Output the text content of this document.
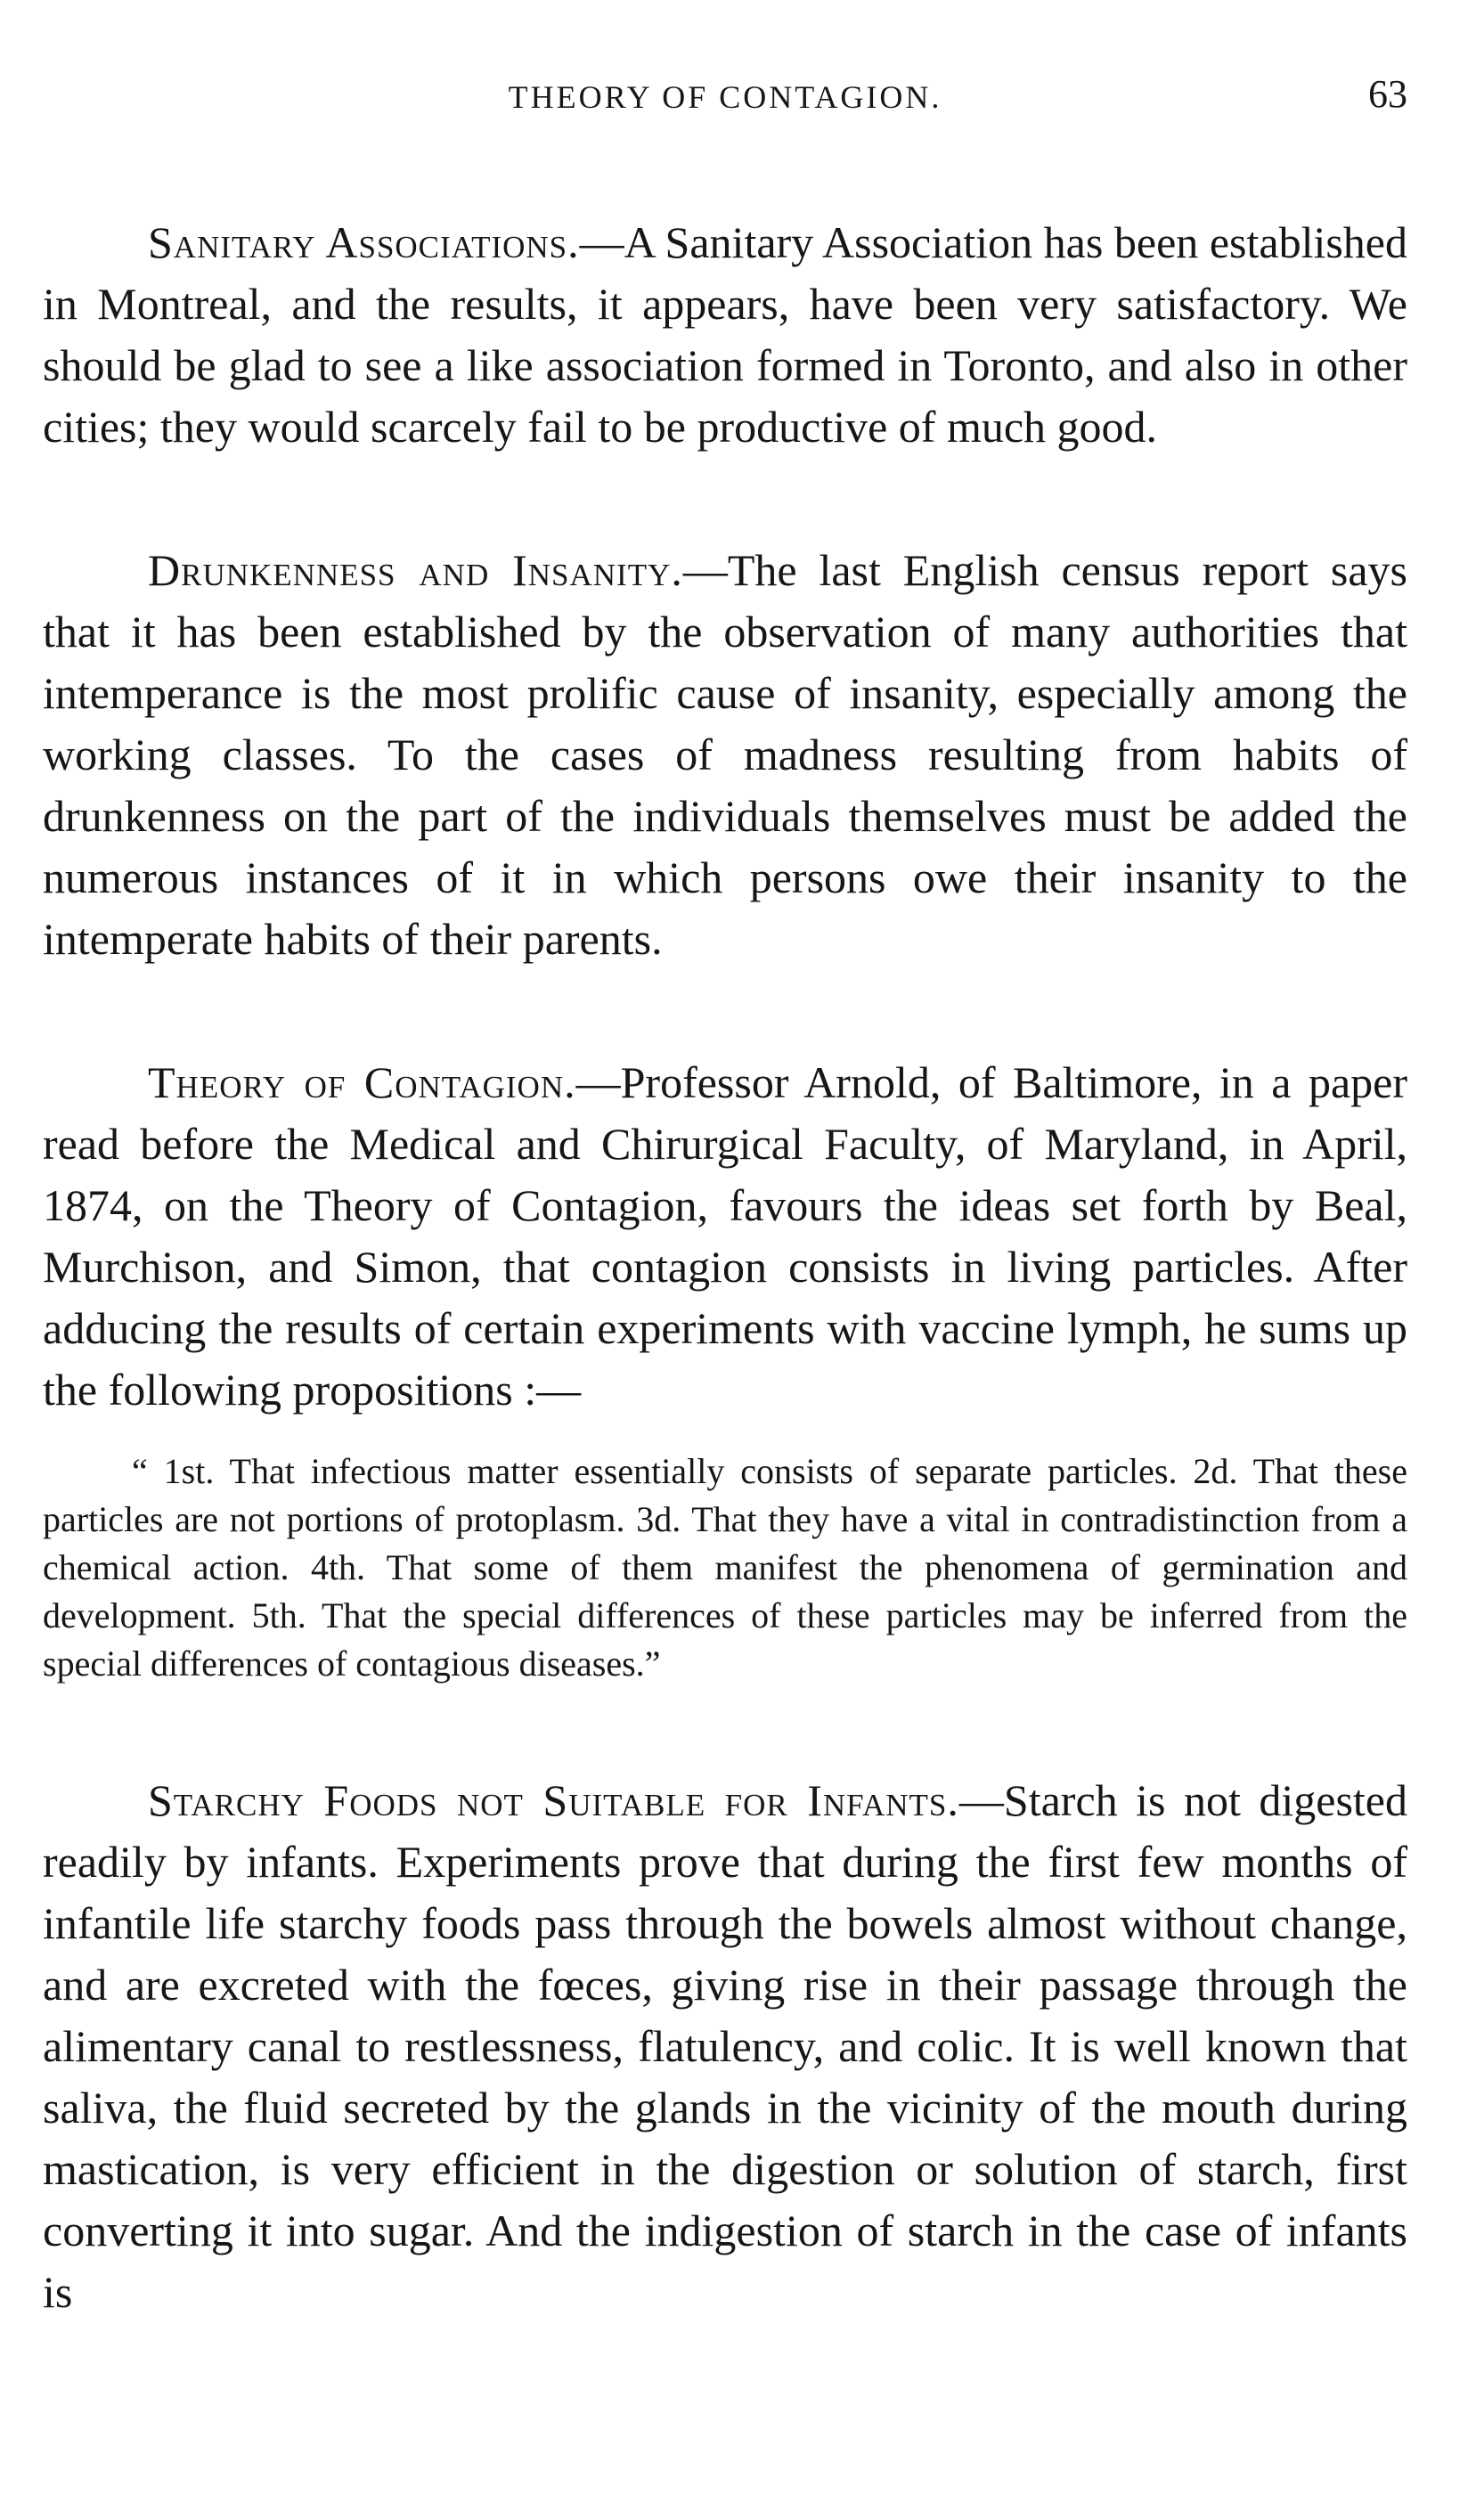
THEORY OF CONTAGION.	63

Sanitary Associations.—A Sanitary Association has been established in Montreal, and the results, it appears, have been very satisfactory. We should be glad to see a like association formed in Toronto, and also in other cities; they would scarcely fail to be productive of much good.

Drunkenness and Insanity.—The last English census report says that it has been established by the observation of many authorities that intemperance is the most prolific cause of insanity, especially among the working classes. To the cases of madness resulting from habits of drunkenness on the part of the individuals themselves must be added the numerous instances of it in which persons owe their insanity to the intemperate habits of their parents.

Theory of Contagion.—Professor Arnold, of Baltimore, in a paper read before the Medical and Chirurgical Faculty, of Maryland, in April, 1874, on the Theory of Contagion, favours the ideas set forth by Beal, Murchison, and Simon, that contagion consists in living particles. After adducing the results of certain experiments with vaccine lymph, he sums up the following propositions :—

“ 1st. That infectious matter essentially consists of separate particles. 2d. That these particles are not portions of protoplasm. 3d. That they have a vital in contradistinction from a chemical action. 4th. That some of them manifest the phenomena of germination and development. 5th. That the special differences of these particles may be inferred from the special differences of contagious diseases.”

Starchy Foods not Suitable for Infants.—Starch is not digested readily by infants. Experiments prove that during the first few months of infantile life starchy foods pass through the bowels almost without change, and are excreted with the fœces, giving rise in their passage through the alimentary canal to restlessness, flatulency, and colic. It is well known that saliva, the fluid secreted by the glands in the vicinity of the mouth during mastication, is very efficient in the digestion or solution of starch, first converting it into sugar. And the indigestion of starch in the case of infants is
